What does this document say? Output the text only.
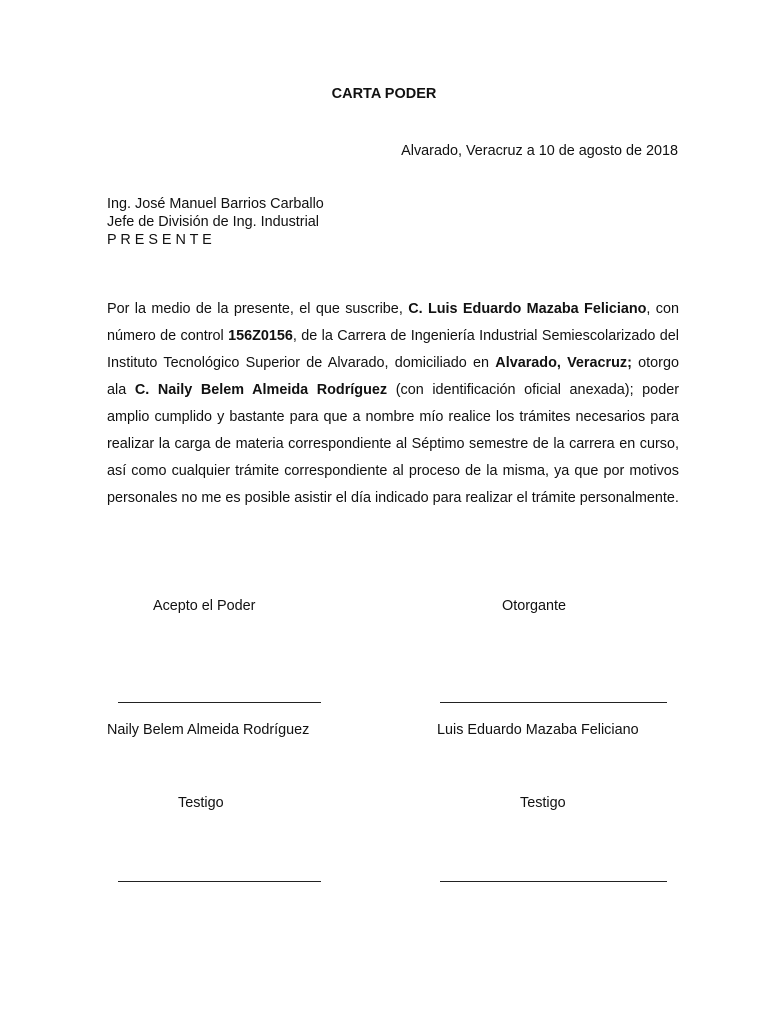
CARTA PODER
Alvarado, Veracruz a 10 de agosto de 2018
Ing. José Manuel Barrios Carballo
Jefe de División de Ing. Industrial
P R E S E N T E
Por la medio de la presente, el que suscribe, C. Luis Eduardo Mazaba Feliciano, con número de control 156Z0156, de la Carrera de Ingeniería Industrial Semiescolarizado del Instituto Tecnológico Superior de Alvarado, domiciliado en Alvarado, Veracruz; otorgo ala C. Naily Belem Almeida Rodríguez (con identificación oficial anexada); poder amplio cumplido y bastante para que a nombre mío realice los trámites necesarios para realizar la carga de materia correspondiente al Séptimo semestre de la carrera en curso, así como cualquier trámite correspondiente al proceso de la misma, ya que por motivos personales no me es posible asistir el día indicado para realizar el trámite personalmente.
Acepto el Poder	Otorgante
Naily Belem Almeida Rodríguez	Luis Eduardo Mazaba Feliciano
Testigo	Testigo
